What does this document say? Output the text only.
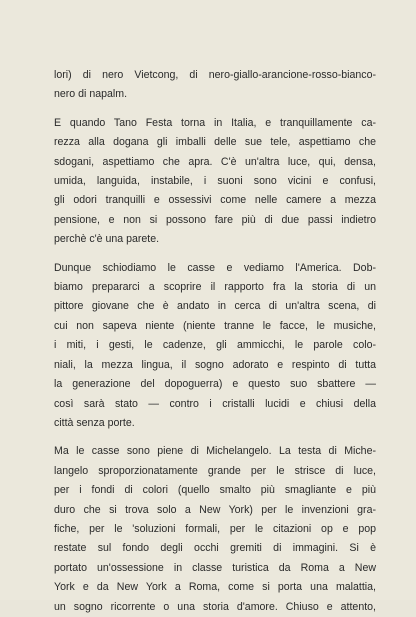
lori) di nero Vietcong, di nero-giallo-arancione-rosso-bianco-
nero di napalm.
E quando Tano Festa torna in Italia, e tranquillamente ca-
rezza alla dogana gli imballi delle sue tele, aspettiamo che
sdogani, aspettiamo che apra. C'è un'altra luce, qui, densa,
umida, languida, instabile, i suoni sono vicini e confusi,
gli odori tranquilli e ossessivi come nelle camere a mezza
pensione, e non si possono fare più di due passi indietro
perchè c'è una parete.
Dunque schiodiamo le casse e vediamo l'America. Dob-
biamo prepararci a scoprire il rapporto fra la storia di un
pittore giovane che è andato in cerca di un'altra scena, di
cui non sapeva niente (niente tranne le facce, le musiche,
i miti, i gesti, le cadenze, gli ammicchi, le parole colo-
niali, la mezza lingua, il sogno adorato e respinto di tutta
la generazione del dopoguerra) e questo suo sbattere —
così sarà stato — contro i cristalli lucidi e chiusi della
città senza porte.
Ma le casse sono piene di Michelangelo. La testa di Miche-
langelo sproporzionatamente grande per le strisce di luce,
per i fondi di colori (quello smalto più smagliante e più
duro che si trova solo a New York) per le invenzioni gra-
fiche, per le 'soluzioni formali, per le citazioni op e pop
restate sul fondo degli occhi gremiti di immagini. Si è
portato un'ossessione in classe turistica da Roma a New
York e da New York a Roma, come si porta una malattia,
un sogno ricorrente o una storia d'amore. Chiuso e attento,
